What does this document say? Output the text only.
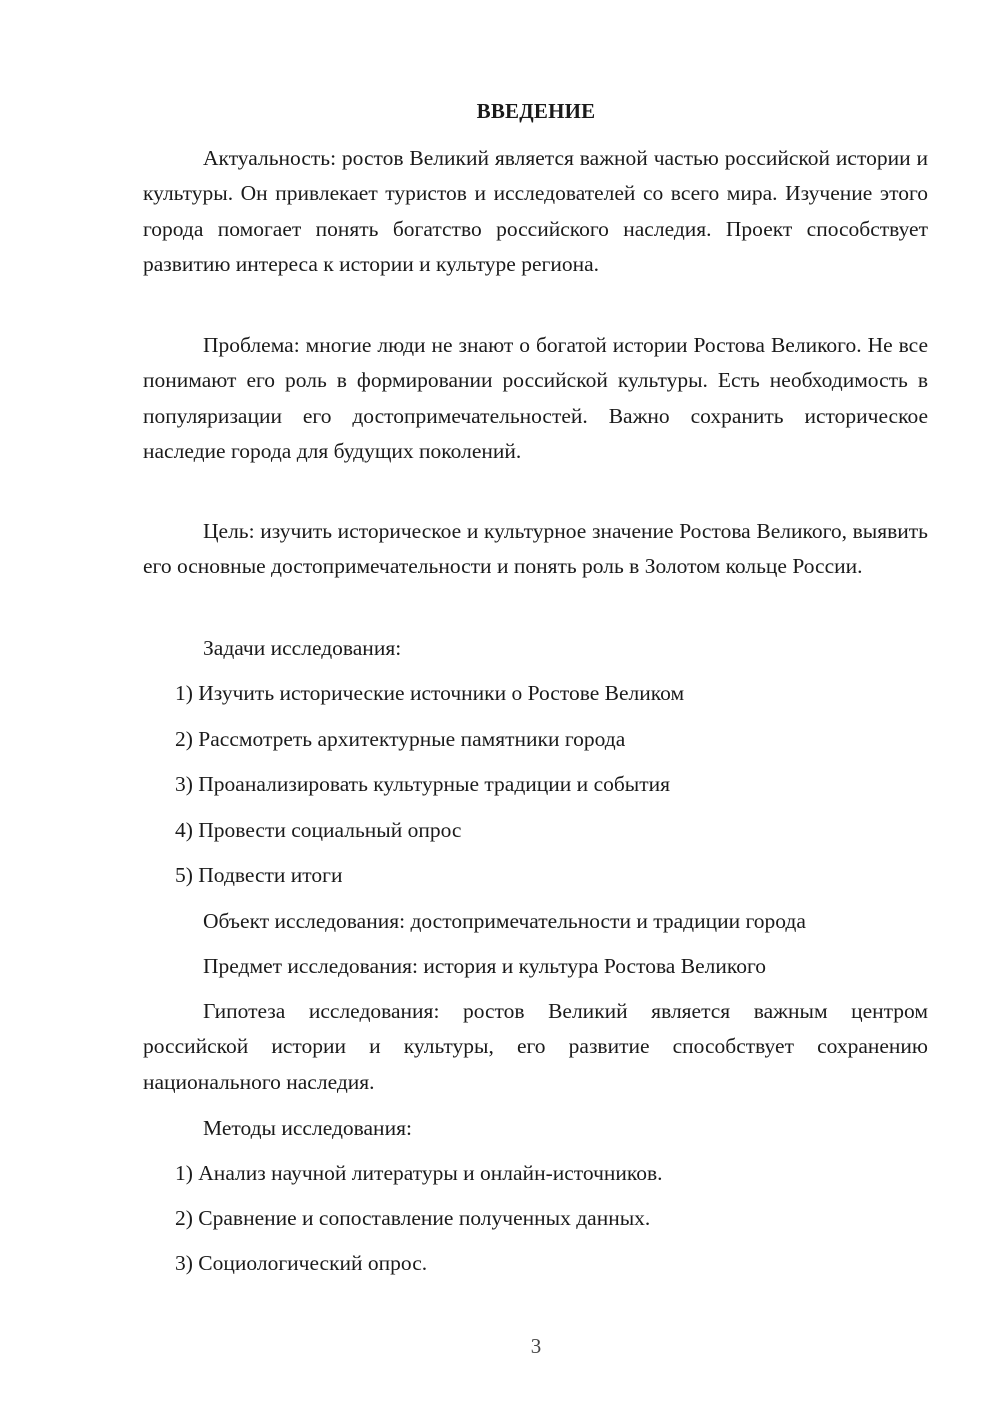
ВВЕДЕНИЕ

Актуальность: ростов Великий является важной частью российской истории и культуры. Он привлекает туристов и исследователей со всего мира. Изучение этого города помогает понять богатство российского наследия. Проект способствует развитию интереса к истории и культуре региона.

Проблема: многие люди не знают о богатой истории Ростова Великого. Не все понимают его роль в формировании российской культуры. Есть необходимость в популяризации его достопримечательностей. Важно сохранить историческое наследие города для будущих поколений.

Цель: изучить историческое и культурное значение Ростова Великого, выявить его основные достопримечательности и понять роль в Золотом кольце России.

Задачи исследования:

1) Изучить исторические источники о Ростове Великом

2) Рассмотреть архитектурные памятники города

3) Проанализировать культурные традиции и события

4) Провести социальный опрос

5) Подвести итоги

Объект исследования: достопримечательности и традиции города

Предмет исследования: история и культура Ростова Великого

Гипотеза исследования: ростов Великий является важным центром российской истории и культуры, его развитие способствует сохранению национального наследия.

Методы исследования:

1) Анализ научной литературы и онлайн-источников.

2) Сравнение и сопоставление полученных данных.

3) Социологический опрос.

3
